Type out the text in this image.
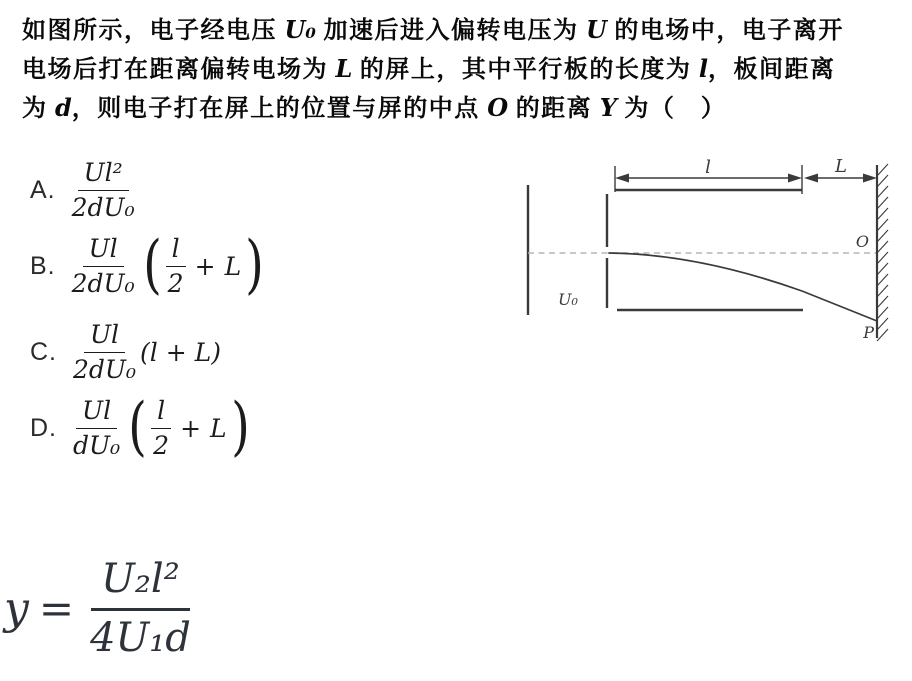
如图所示，电子经电压 U₀ 加速后进入偏转电压为 U 的电场中，电子离开
电场后打在距离偏转电场为 L 的屏上，其中平行板的长度为 l，板间距离
为 d，则电子打在屏上的位置与屏的中点 O 的距离 Y 为（　）
A. $\frac{\text{Ul²}}{\text{2dU₀}}$
B. $\frac{Ul}{\text{2dU₀}}$ ( $\frac{l}{2} + L$ )
C. $\frac{Ul}{\text{2dU₀}} (l + L)$
D. $\frac{Ul}{\text{dU₀}}$ ( $\frac{l}{2} + L$ )
l	L
U₀
O
P
$y = \frac{\text{U₂l²}}{\text{4U₁d}}$
